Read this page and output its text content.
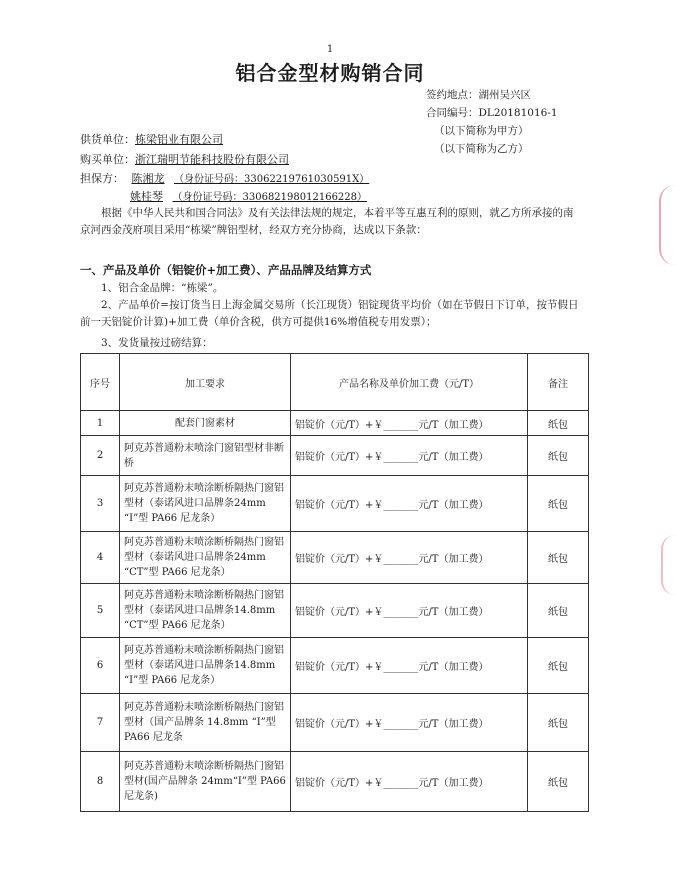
1
铝合金型材购销合同
签约地点：湖州吴兴区
合同编号：DL20181016-1
（以下简称为甲方）
（以下简称为乙方）
供货单位：栋梁铝业有限公司
购买单位：浙江瑞明节能科技股份有限公司
担保方： 陈湘龙 （身份证号码：33062219761030591X）
姚桂琴 （身份证号码：330682198012166228）
根据《中华人民共和国合同法》及有关法律法规的规定，本着平等互惠互利的原则，就乙方所承接的南京河西金茂府项目采用“栋梁”牌铝型材，经双方充分协商，达成以下条款：
一、产品及单价（铝锭价+加工费）、产品品牌及结算方式
1、铝合金品牌：“栋梁”。
2、产品单价=按订货当日上海金属交易所（长江现货）铝锭现货平均价（如在节假日下订单，按节假日前一天铝锭价计算)+加工费（单价含税，供方可提供16%增值税专用发票）；
3、发货量按过磅结算：
序号	加工要求	产品名称及单价加工费（元/T）	备注
1	配套门窗素材	铝锭价（元/T）+￥_______元/T（加工费）	纸包
2	阿克苏普通粉末喷涂门窗铝型材非断桥	铝锭价（元/T）+￥_______元/T（加工费）	纸包
3	阿克苏普通粉末喷涂断桥隔热门窗铝型材（泰诺风进口品牌条24mm “I”型 PA66 尼龙条）	铝锭价（元/T）+￥_______元/T（加工费）	纸包
4	阿克苏普通粉末喷涂断桥隔热门窗铝型材（泰诺风进口品牌条24mm “CT”型 PA66 尼龙条）	铝锭价（元/T）+￥_______元/T（加工费）	纸包
5	阿克苏普通粉末喷涂断桥隔热门窗铝型材（泰诺风进口品牌条14.8mm “CT”型 PA66 尼龙条）	铝锭价（元/T）+￥_______元/T（加工费）	纸包
6	阿克苏普通粉末喷涂断桥隔热门窗铝型材（泰诺风进口品牌条14.8mm “I”型 PA66 尼龙条）	铝锭价（元/T）+￥_______元/T（加工费）	纸包
7	阿克苏普通粉末喷涂断桥隔热门窗铝型材（国产品牌条 14.8mm “I”型 PA66 尼龙条	铝锭价（元/T）+￥_______元/T（加工费）	纸包
8	阿克苏普通粉末喷涂断桥隔热门窗铝型材(国产品牌条 24mm“I”型 PA66 尼龙条)	铝锭价（元/T）+￥_______元/T（加工费）	纸包
